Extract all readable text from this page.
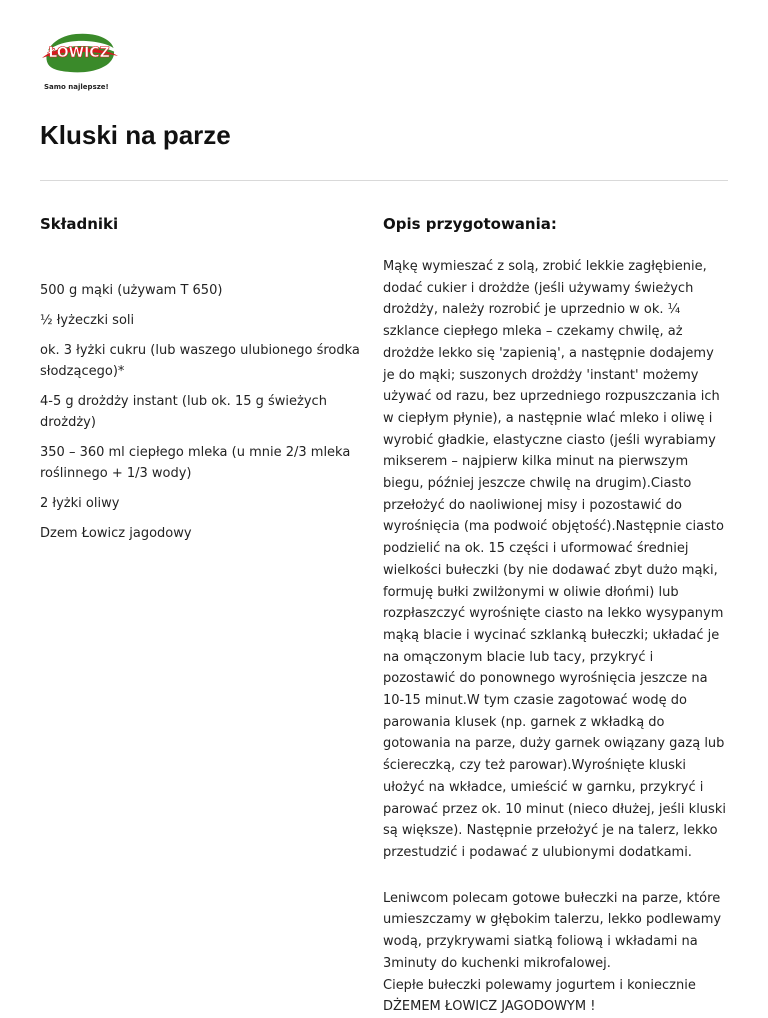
ŁOWICZ
Samo najlepsze!
Kluski na parze
Składniki
500 g mąki (używam T 650)
½ łyżeczki soli
ok. 3 łyżki cukru (lub waszego ulubionego środka słodzącego)*
4-5 g drożdży instant (lub ok. 15 g świeżych drożdży)
350 – 360 ml ciepłego mleka (u mnie 2/3 mleka roślinnego + 1/3 wody)
2 łyżki oliwy
Dzem Łowicz jagodowy
Opis przygotowania:

Mąkę wymieszać z solą, zrobić lekkie zagłębienie, dodać cukier i drożdże (jeśli używamy świeżych drożdży, należy rozrobić je uprzednio w ok. ¼ szklance ciepłego mleka – czekamy chwilę, aż drożdże lekko się 'zapienią', a następnie dodajemy je do mąki; suszonych drożdży 'instant' możemy używać od razu, bez uprzedniego rozpuszczania ich w ciepłym płynie), a następnie wlać mleko i oliwę i wyrobić gładkie, elastyczne ciasto (jeśli wyrabiamy mikserem – najpierw kilka minut na pierwszym biegu, później jeszcze chwilę na drugim).Ciasto przełożyć do naoliwionej misy i pozostawić do wyrośnięcia (ma podwoić objętość).Następnie ciasto podzielić na ok. 15 części i uformować średniej wielkości bułeczki (by nie dodawać zbyt dużo mąki, formuję bułki zwilżonymi w oliwie dłońmi) lub rozpłaszczyć wyrośnięte ciasto na lekko wysypanym mąką blacie i wycinać szklanką bułeczki; układać je na omączonym blacie lub tacy, przykryć i pozostawić do ponownego wyrośnięcia jeszcze na 10-15 minut.W tym czasie zagotować wodę do parowania klusek (np. garnek z wkładką do gotowania na parze, duży garnek owiązany gazą lub ściereczką, czy też parowar).Wyrośnięte kluski ułożyć na wkładce, umieścić w garnku, przykryć i parować przez ok. 10 minut (nieco dłużej, jeśli kluski są większe). Następnie przełożyć je na talerz, lekko przestudzić i podawać z ulubionymi dodatkami.

Leniwcom polecam gotowe bułeczki na parze, które umieszczamy w głębokim talerzu, lekko podlewamy wodą, przykrywami siatką foliową i wkładami na 3minuty do kuchenki mikrofalowej.
Ciepłe bułeczki polewamy jogurtem i koniecznie DŻEMEM ŁOWICZ JAGODOWYM !
